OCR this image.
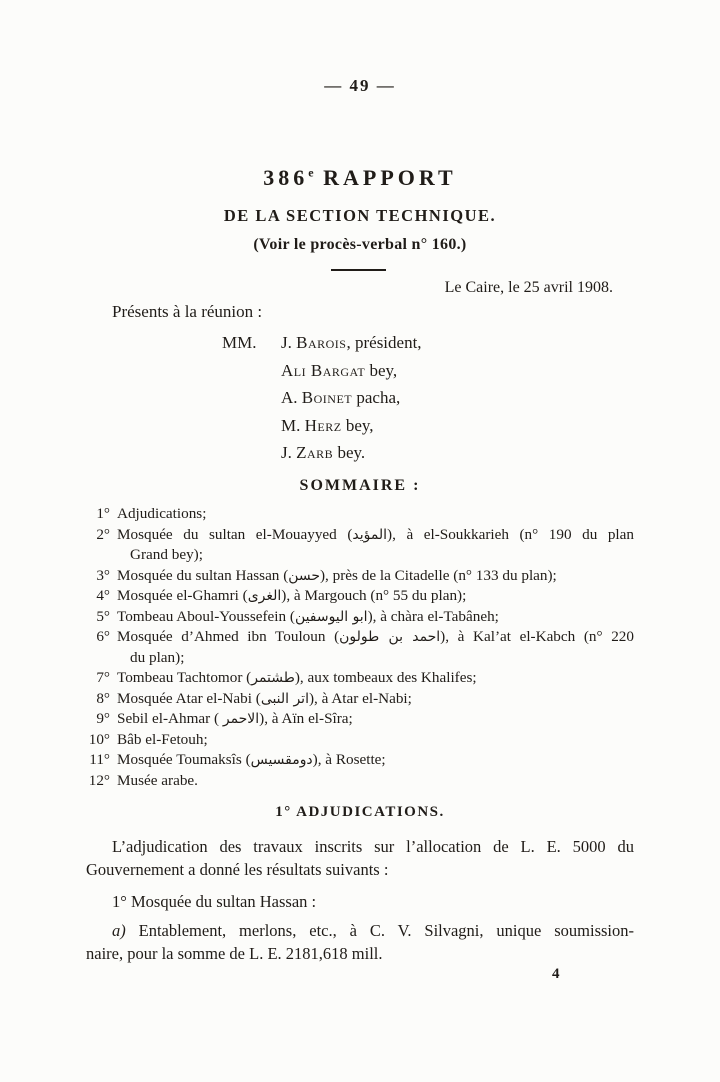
— 49 —
386e RAPPORT
DE LA SECTION TECHNIQUE.
(Voir le procès-verbal n° 160.)
Le Caire, le 25 avril 1908.
Présents à la réunion :
MM. J. Barois, président,
Ali Bargat bey,
A. Boinet pacha,
M. Herz bey,
J. Zarb bey.
SOMMAIRE :
1° Adjudications;
2° Mosquée du sultan el-Mouayyed (المؤيد), à el-Soukkarieh (n° 190 du plan
Grand bey);
3° Mosquée du sultan Hassan (حسن), près de la Citadelle (n° 133 du plan);
4° Mosquée el-Ghamri (الغرى), à Margouch (n° 55 du plan);
5° Tombeau Aboul-Youssefein (ابو اليوسفين), à chàra el-Tabâneh;
6° Mosquée d’Ahmed ibn Touloun (احمد بن طولون), à Kal’at el-Kabch (n° 220
du plan);
7° Tombeau Tachtomor (طشتمر), aux tombeaux des Khalifes;
8° Mosquée Atar el-Nabi (اتر النبى), à Atar el-Nabi;
9° Sebil el-Ahmar ( الاحمر), à Aïn el-Sîra;
10° Bâb el-Fetouh;
11° Mosquée Toumaksîs (دومقسيس), à Rosette;
12° Musée arabe.
1° ADJUDICATIONS.
L’adjudication des travaux inscrits sur l’allocation de L. E. 5000 du
Gouvernement a donné les résultats suivants :
1° Mosquée du sultan Hassan :
a) Entablement, merlons, etc., à C. V. Silvagni, unique soumission-
naire, pour la somme de L. E. 2181,618 mill.
4
